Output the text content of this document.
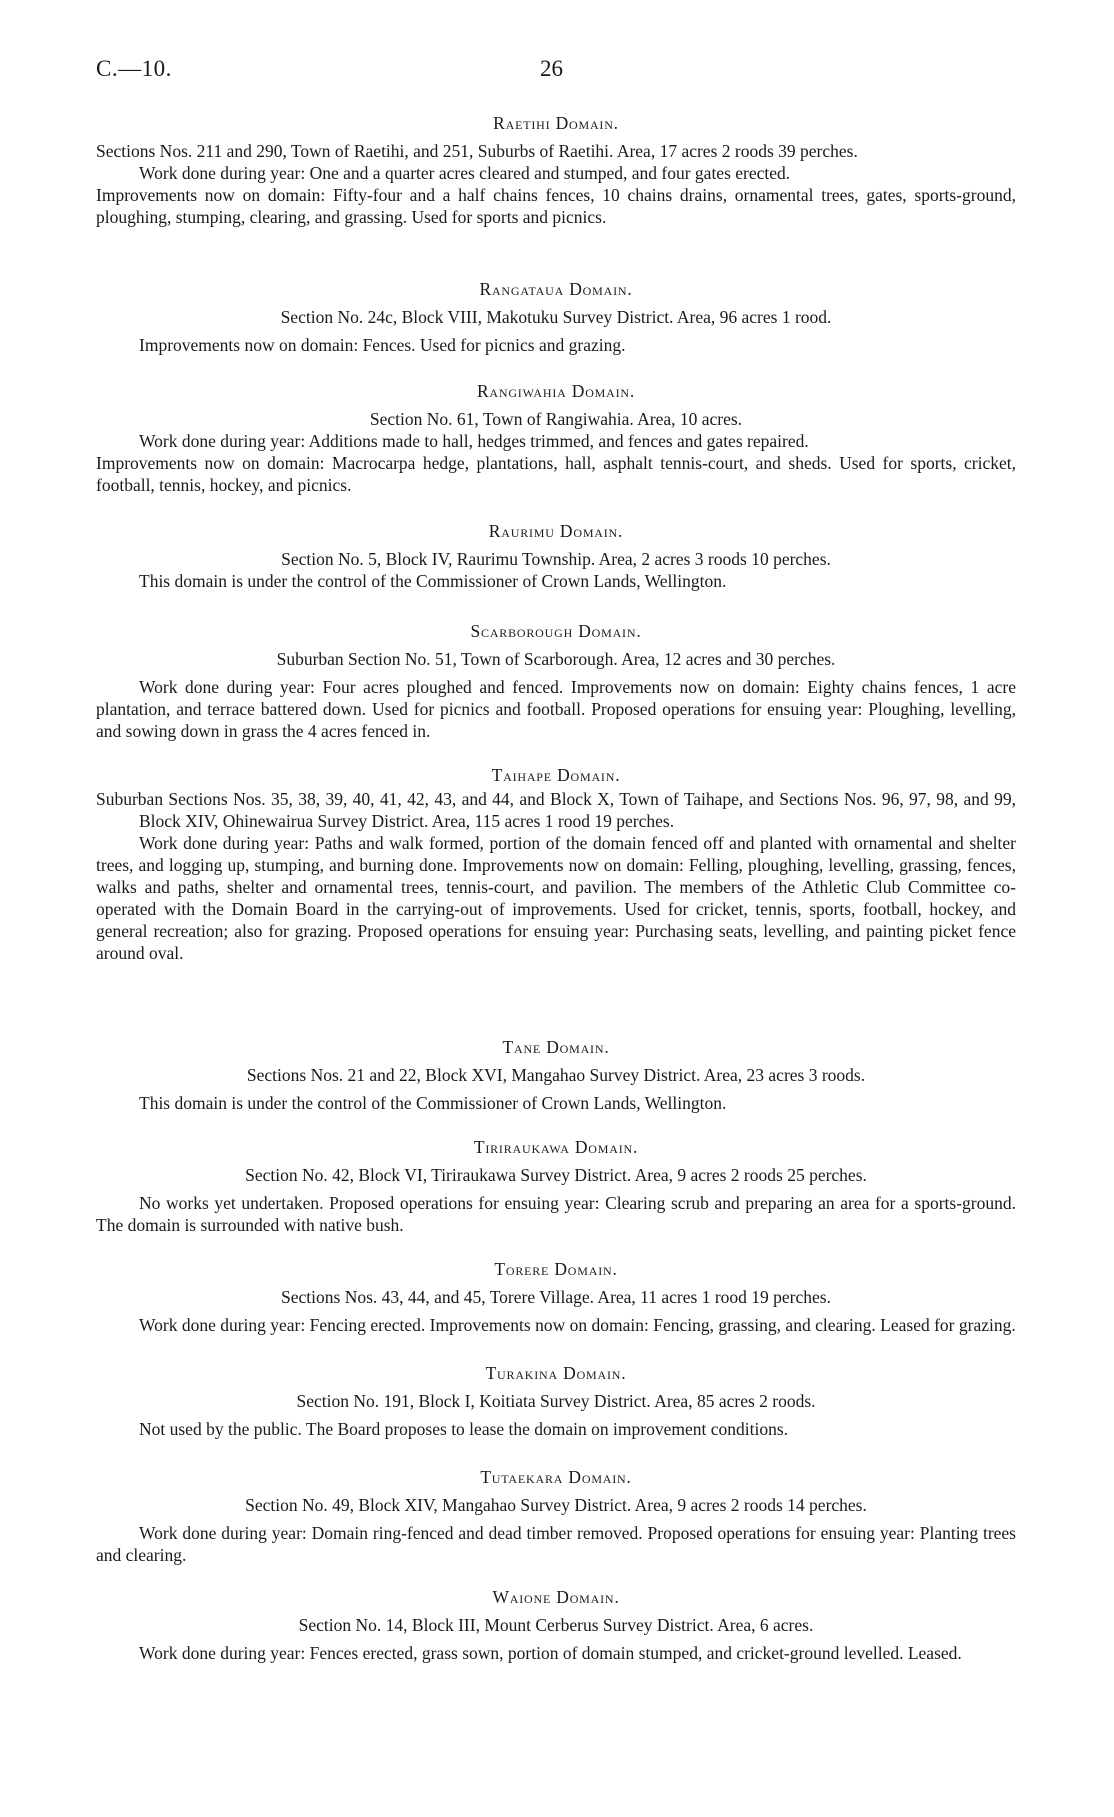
C.—10.	26
Raetihi Domain.

Sections Nos. 211 and 290, Town of Raetihi, and 251, Suburbs of Raetihi. Area, 17 acres 2 roods 39 perches.

Work done during year: One and a quarter acres cleared and stumped, and four gates erected.

Improvements now on domain: Fifty-four and a half chains fences, 10 chains drains, ornamental trees, gates, sports-ground, ploughing, stumping, clearing, and grassing. Used for sports and picnics.

Rangataua Domain.

Section No. 24c, Block VIII, Makotuku Survey District. Area, 96 acres 1 rood.

Improvements now on domain: Fences. Used for picnics and grazing.

Rangiwahia Domain.

Section No. 61, Town of Rangiwahia. Area, 10 acres.

Work done during year: Additions made to hall, hedges trimmed, and fences and gates repaired.

Improvements now on domain: Macrocarpa hedge, plantations, hall, asphalt tennis-court, and sheds. Used for sports, cricket, football, tennis, hockey, and picnics.

Raurimu Domain.

Section No. 5, Block IV, Raurimu Township. Area, 2 acres 3 roods 10 perches.

This domain is under the control of the Commissioner of Crown Lands, Wellington.

Scarborough Domain.

Suburban Section No. 51, Town of Scarborough. Area, 12 acres and 30 perches.

Work done during year: Four acres ploughed and fenced. Improvements now on domain: Eighty chains fences, 1 acre plantation, and terrace battered down. Used for picnics and football. Proposed operations for ensuing year: Ploughing, levelling, and sowing down in grass the 4 acres fenced in.

Taihape Domain.

Suburban Sections Nos. 35, 38, 39, 40, 41, 42, 43, and 44, and Block X, Town of Taihape, and Sections Nos. 96, 97, 98, and 99, Block XIV, Ohinewairua Survey District. Area, 115 acres 1 rood 19 perches.

Work done during year: Paths and walk formed, portion of the domain fenced off and planted with ornamental and shelter trees, and logging up, stumping, and burning done. Improvements now on domain: Felling, ploughing, levelling, grassing, fences, walks and paths, shelter and ornamental trees, tennis-court, and pavilion. The members of the Athletic Club Committee co-operated with the Domain Board in the carrying-out of improvements. Used for cricket, tennis, sports, football, hockey, and general recreation; also for grazing. Proposed operations for ensuing year: Purchasing seats, levelling, and painting picket fence around oval.

Tane Domain.

Sections Nos. 21 and 22, Block XVI, Mangahao Survey District. Area, 23 acres 3 roods.

This domain is under the control of the Commissioner of Crown Lands, Wellington.

Tiriraukawa Domain.

Section No. 42, Block VI, Tiriraukawa Survey District. Area, 9 acres 2 roods 25 perches.

No works yet undertaken. Proposed operations for ensuing year: Clearing scrub and preparing an area for a sports-ground. The domain is surrounded with native bush.

Torere Domain.

Sections Nos. 43, 44, and 45, Torere Village. Area, 11 acres 1 rood 19 perches.

Work done during year: Fencing erected. Improvements now on domain: Fencing, grassing, and clearing. Leased for grazing.

Turakina Domain.

Section No. 191, Block I, Koitiata Survey District. Area, 85 acres 2 roods.

Not used by the public. The Board proposes to lease the domain on improvement conditions.

Tutaekara Domain.

Section No. 49, Block XIV, Mangahao Survey District. Area, 9 acres 2 roods 14 perches.

Work done during year: Domain ring-fenced and dead timber removed. Proposed operations for ensuing year: Planting trees and clearing.

Waione Domain.

Section No. 14, Block III, Mount Cerberus Survey District. Area, 6 acres.

Work done during year: Fences erected, grass sown, portion of domain stumped, and cricket-ground levelled. Leased.
